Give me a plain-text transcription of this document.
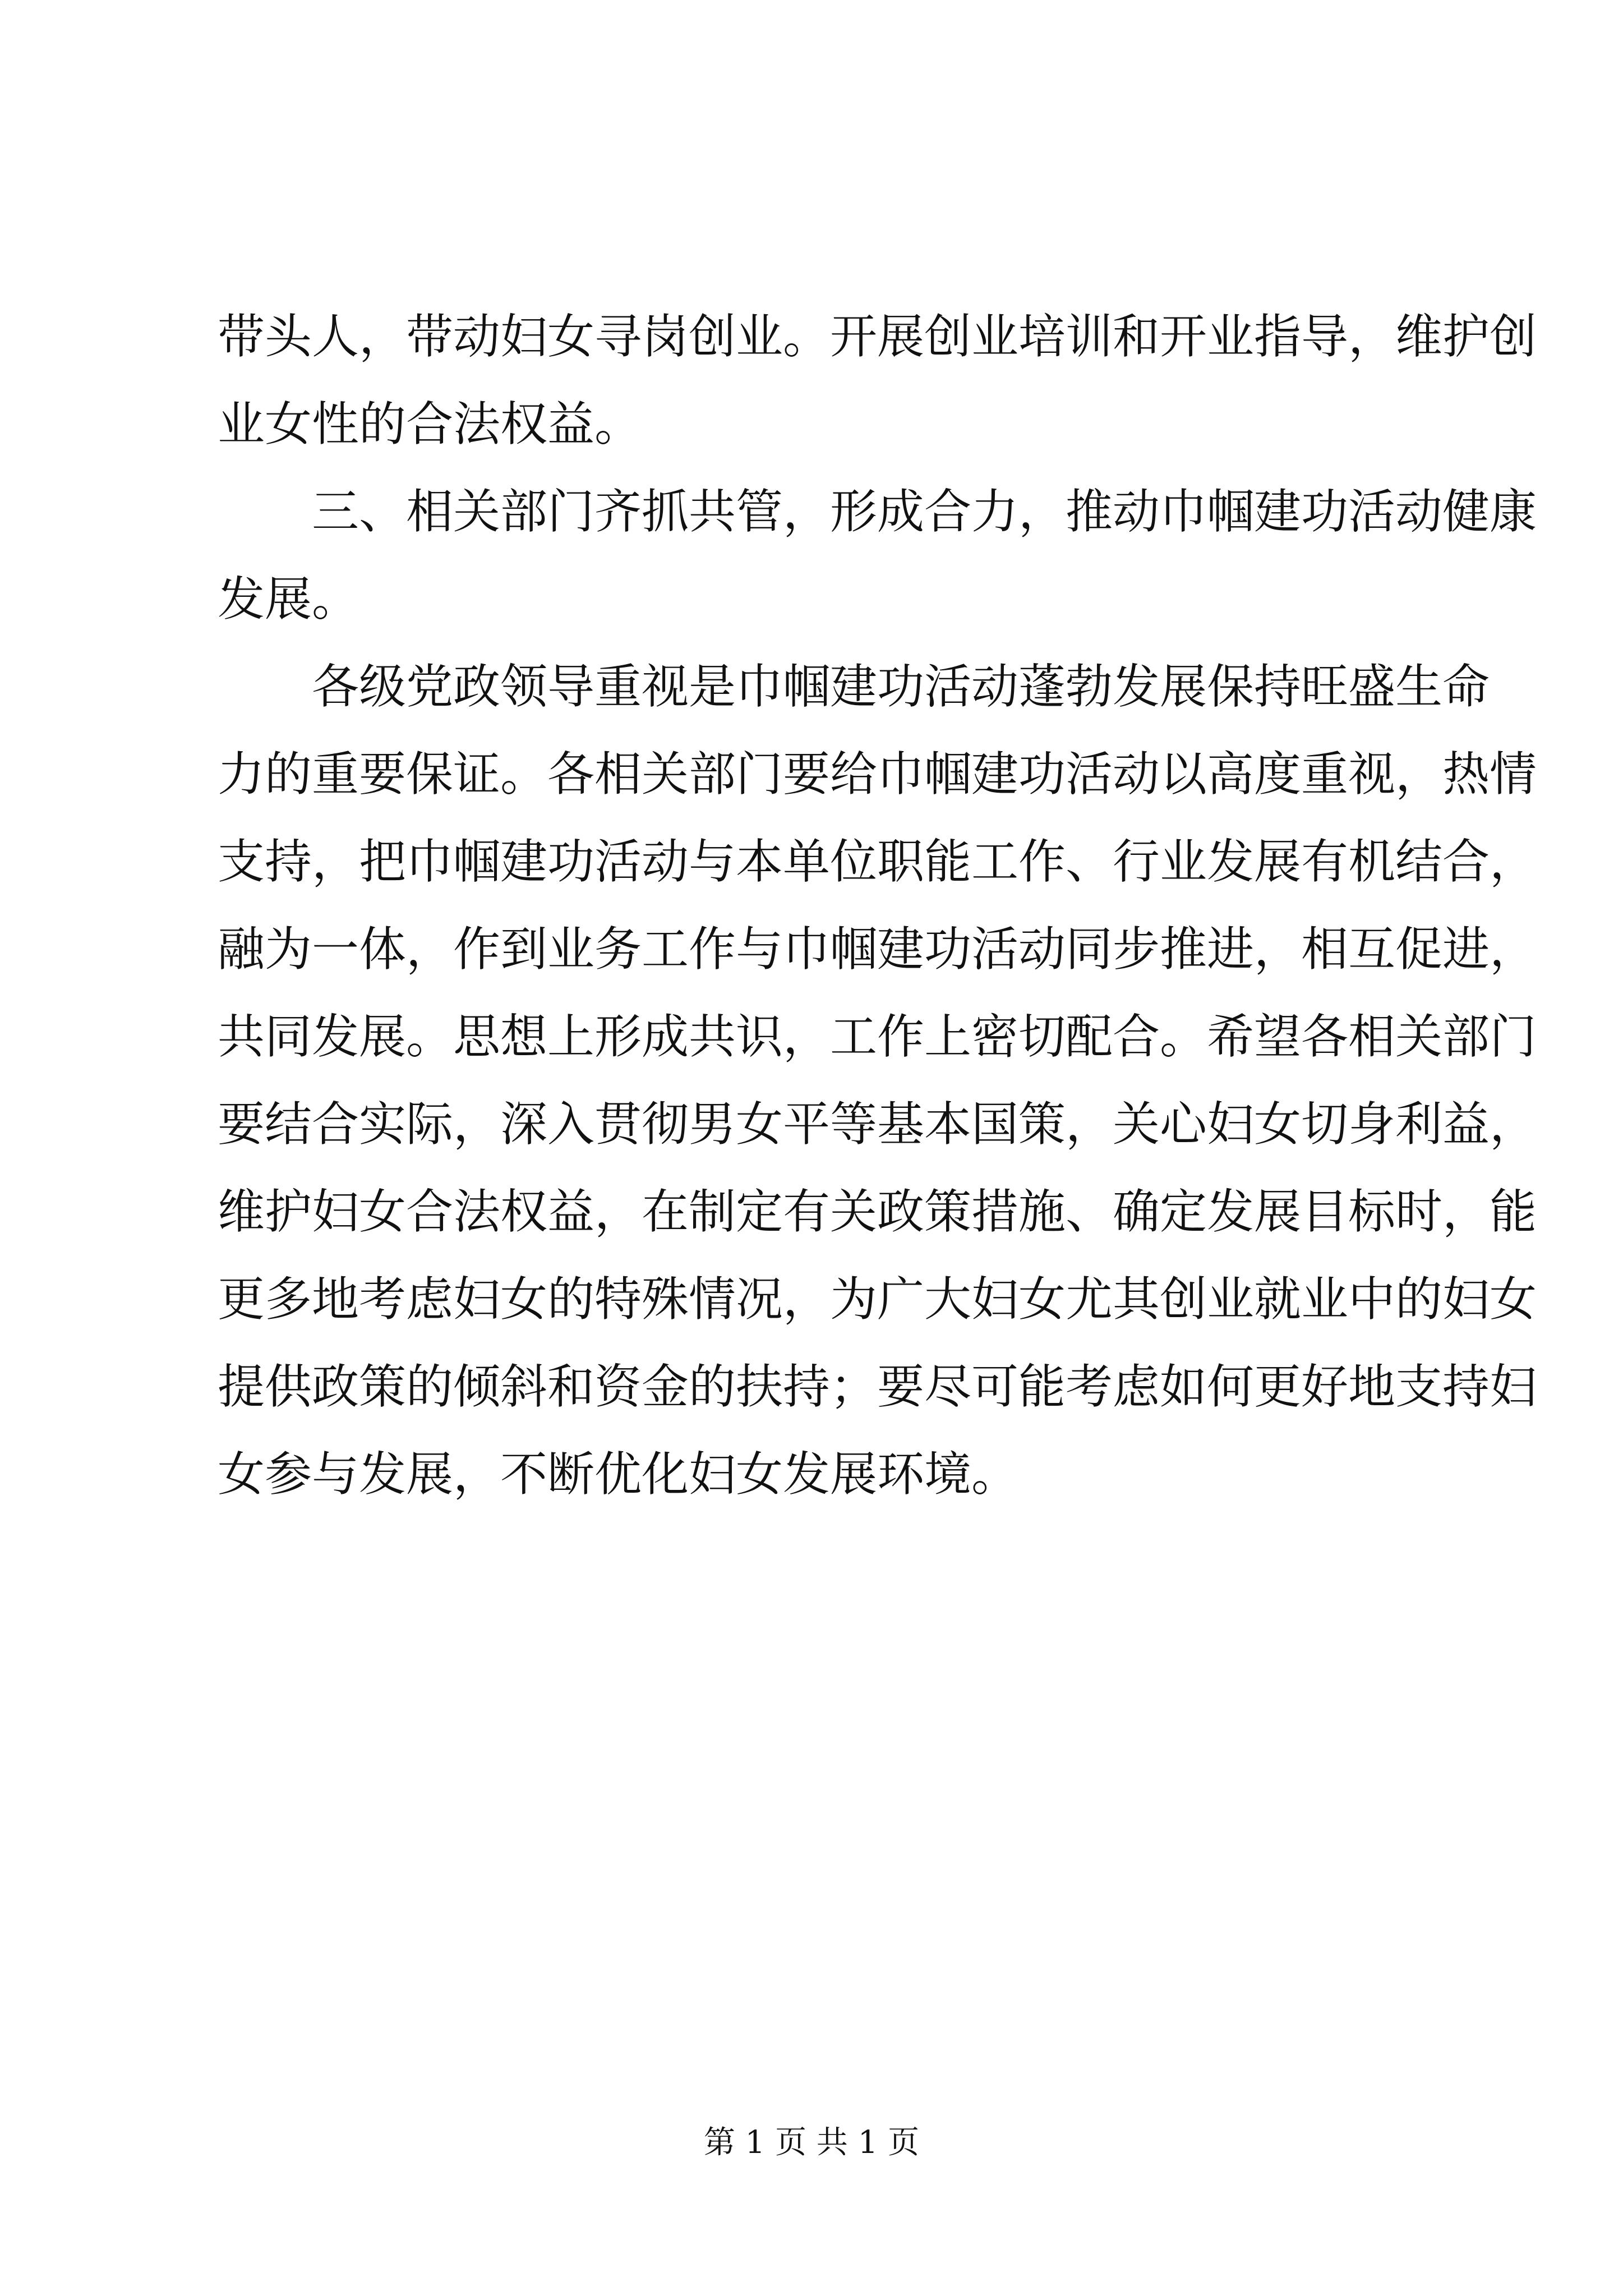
带头人，带动妇女寻岗创业。开展创业培训和开业指导，维护创
业女性的合法权益。
三、相关部门齐抓共管，形成合力，推动巾帼建功活动健康
发展。
各级党政领导重视是巾帼建功活动蓬勃发展保持旺盛生命
力的重要保证。各相关部门要给巾帼建功活动以高度重视，热情
支持，把巾帼建功活动与本单位职能工作、行业发展有机结合，
融为一体，作到业务工作与巾帼建功活动同步推进，相互促进，
共同发展。思想上形成共识，工作上密切配合。希望各相关部门
要结合实际，深入贯彻男女平等基本国策，关心妇女切身利益，
维护妇女合法权益，在制定有关政策措施、确定发展目标时，能
更多地考虑妇女的特殊情况，为广大妇女尤其创业就业中的妇女
提供政策的倾斜和资金的扶持；要尽可能考虑如何更好地支持妇
女参与发展，不断优化妇女发展环境。
第 1 页 共 1 页
